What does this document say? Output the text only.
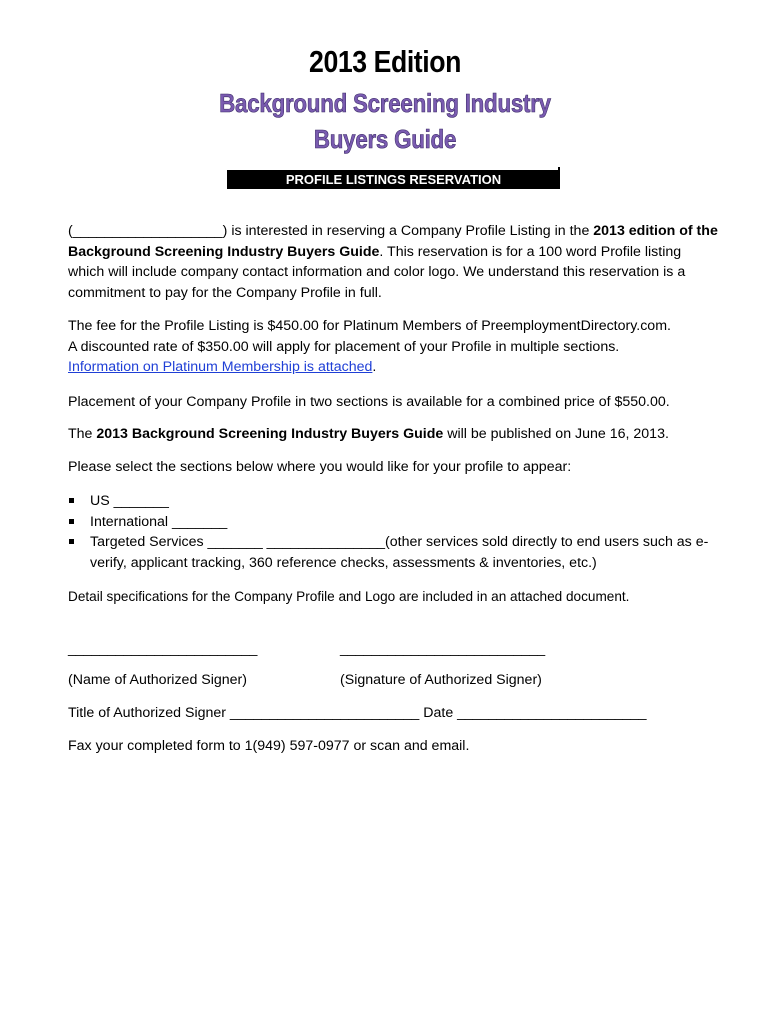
2013 Edition
Background Screening Industry
Buyers Guide
PROFILE LISTINGS RESERVATION
(___________________) is interested in reserving a Company Profile Listing in the 2013 edition of the Background Screening Industry Buyers Guide. This reservation is for a 100 word Profile listing which will include company contact information and color logo. We understand this reservation is a commitment to pay for the Company Profile in full.
The fee for the Profile Listing is $450.00 for Platinum Members of PreemploymentDirectory.com.
A discounted rate of $350.00 will apply for placement of your Profile in multiple sections.
Information on Platinum Membership is attached.
Placement of your Company Profile in two sections is available for a combined price of $550.00.
The 2013 Background Screening Industry Buyers Guide will be published on June 16, 2013.
Please select the sections below where you would like for your profile to appear:
US _______
International _______
Targeted Services _______ _______________(other services sold directly to end users such as e-verify, applicant tracking, 360 reference checks, assessments & inventories, etc.)
Detail specifications for the Company Profile and Logo are included in an attached document.
________________________	__________________________
(Name of Authorized Signer)	(Signature of Authorized Signer)
Title of Authorized Signer ________________________ Date ________________________
Fax your completed form to 1(949) 597-0977 or scan and email.
